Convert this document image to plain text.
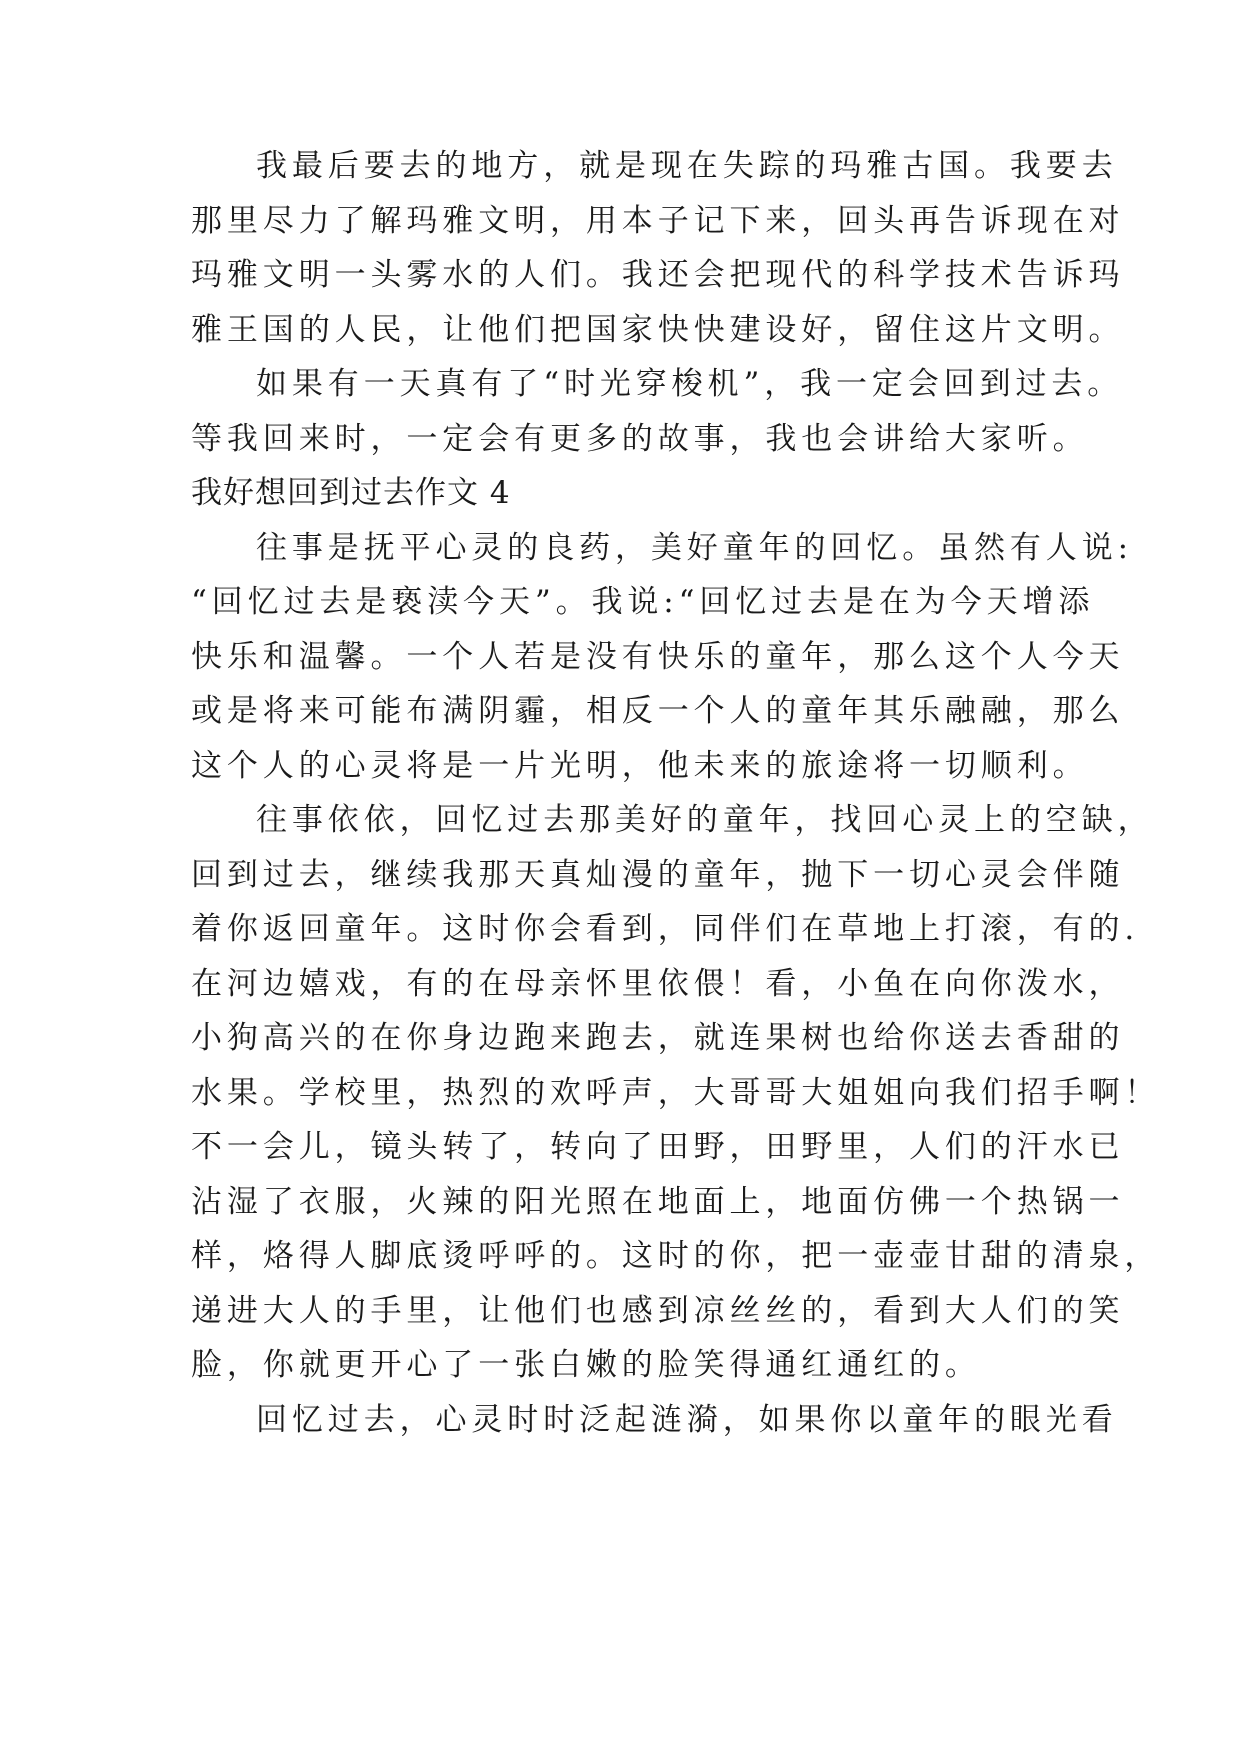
我最后要去的地方，就是现在失踪的玛雅古国。我要去
那里尽力了解玛雅文明，用本子记下来，回头再告诉现在对
玛雅文明一头雾水的人们。我还会把现代的科学技术告诉玛
雅王国的人民，让他们把国家快快建设好，留住这片文明。
如果有一天真有了“时光穿梭机”，我一定会回到过去。
等我回来时，一定会有更多的故事，我也会讲给大家听。
我好想回到过去作文 4
往事是抚平心灵的良药，美好童年的回忆。虽然有人说:
“回忆过去是亵渎今天”。我说:“回忆过去是在为今天增添
快乐和温馨。一个人若是没有快乐的童年，那么这个人今天
或是将来可能布满阴霾，相反一个人的童年其乐融融，那么
这个人的心灵将是一片光明，他未来的旅途将一切顺利。
往事依依，回忆过去那美好的童年，找回心灵上的空缺，
回到过去，继续我那天真灿漫的童年，抛下一切心灵会伴随
着你返回童年。这时你会看到，同伴们在草地上打滚，有的.
在河边嬉戏，有的在母亲怀里依偎！看，小鱼在向你泼水，
小狗高兴的在你身边跑来跑去，就连果树也给你送去香甜的
水果。学校里，热烈的欢呼声，大哥哥大姐姐向我们招手啊！
不一会儿，镜头转了，转向了田野，田野里，人们的汗水已
沾湿了衣服，火辣的阳光照在地面上，地面仿佛一个热锅一
样，烙得人脚底烫呼呼的。这时的你，把一壶壶甘甜的清泉，
递进大人的手里，让他们也感到凉丝丝的，看到大人们的笑
脸，你就更开心了一张白嫩的脸笑得通红通红的。
回忆过去，心灵时时泛起涟漪，如果你以童年的眼光看
